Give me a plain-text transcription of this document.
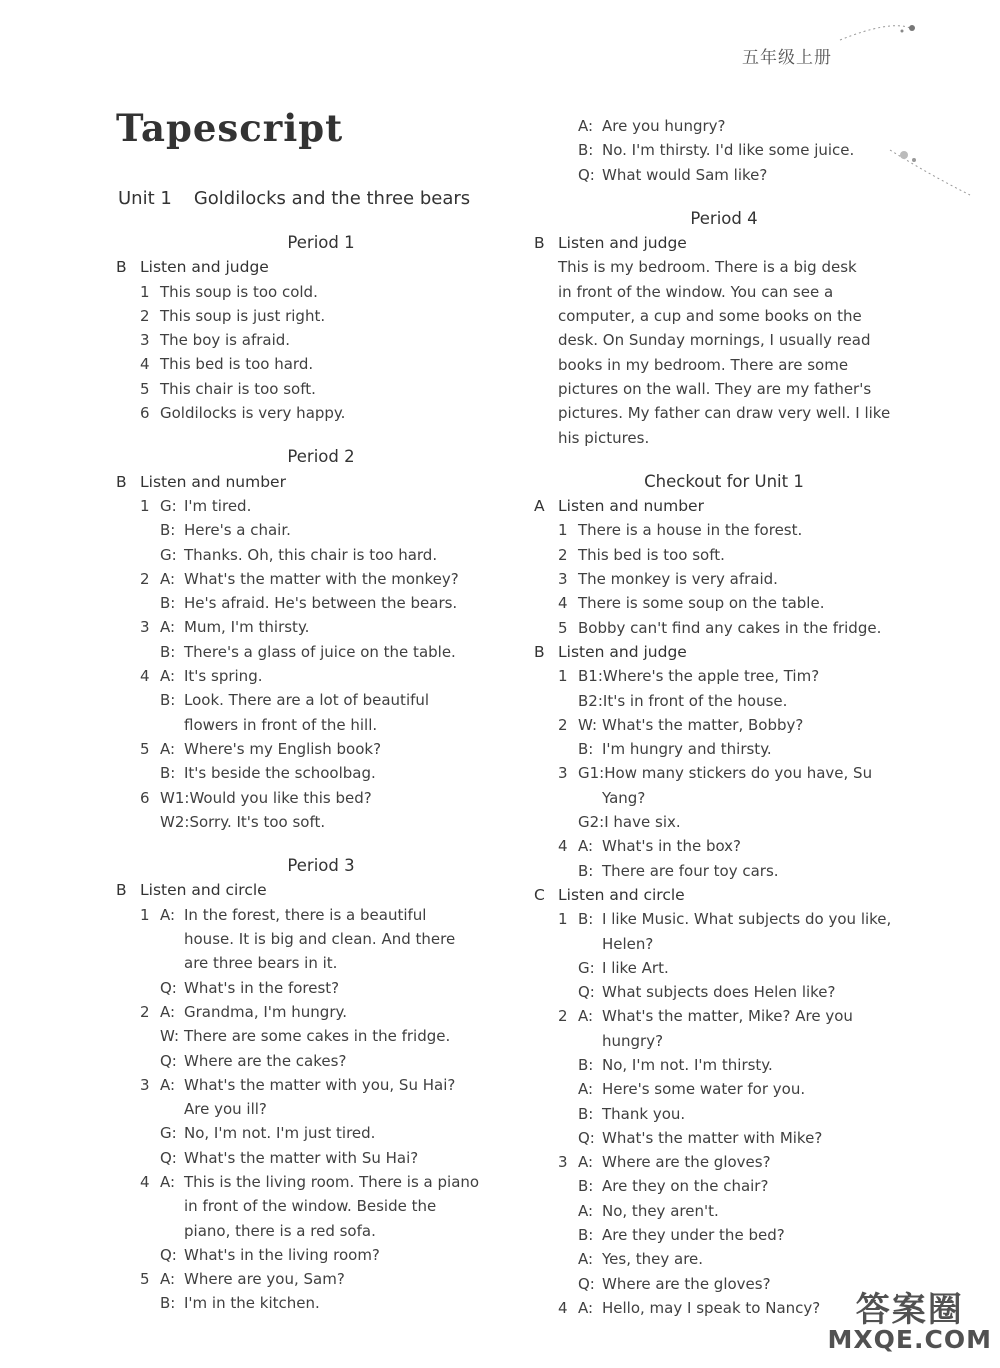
五年级上册
Tapescript
Unit 1 Goldilocks and the three bears
Period 1
B Listen and judge
1 This soup is too cold.
2 This soup is just right.
3 The boy is afraid.
4 This bed is too hard.
5 This chair is too soft.
6 Goldilocks is very happy.
Period 2
B Listen and number
1 G: I'm tired.
B: Here's a chair.
G: Thanks. Oh, this chair is too hard.
2 A: What's the matter with the monkey?
B: He's afraid. He's between the bears.
3 A: Mum, I'm thirsty.
B: There's a glass of juice on the table.
4 A: It's spring.
B: Look. There are a lot of beautiful
flowers in front of the hill.
5 A: Where's my English book?
B: It's beside the schoolbag.
6 W1: Would you like this bed?
W2: Sorry. It's too soft.
Period 3
B Listen and circle
1 A: In the forest, there is a beautiful
house. It is big and clean. And there
are three bears in it.
Q: What's in the forest?
2 A: Grandma, I'm hungry.
W: There are some cakes in the fridge.
Q: Where are the cakes?
3 A: What's the matter with you, Su Hai?
Are you ill?
G: No, I'm not. I'm just tired.
Q: What's the matter with Su Hai?
4 A: This is the living room. There is a piano
in front of the window. Beside the
piano, there is a red sofa.
Q: What's in the living room?
5 A: Where are you, Sam?
B: I'm in the kitchen.
A: Are you hungry?
B: No. I'm thirsty. I'd like some juice.
Q: What would Sam like?
Period 4
B Listen and judge
This is my bedroom. There is a big desk
in front of the window. You can see a
computer, a cup and some books on the
desk. On Sunday mornings, I usually read
books in my bedroom. There are some
pictures on the wall. They are my father's
pictures. My father can draw very well. I like
his pictures.
Checkout for Unit 1
A Listen and number
1 There is a house in the forest.
2 This bed is too soft.
3 The monkey is very afraid.
4 There is some soup on the table.
5 Bobby can't find any cakes in the fridge.
B Listen and judge
1 B1: Where's the apple tree, Tim?
B2: It's in front of the house.
2 W: What's the matter, Bobby?
B: I'm hungry and thirsty.
3 G1: How many stickers do you have, Su
Yang?
G2: I have six.
4 A: What's in the box?
B: There are four toy cars.
C Listen and circle
1 B: I like Music. What subjects do you like,
Helen?
G: I like Art.
Q: What subjects does Helen like?
2 A: What's the matter, Mike? Are you
hungry?
B: No, I'm not. I'm thirsty.
A: Here's some water for you.
B: Thank you.
Q: What's the matter with Mike?
3 A: Where are the gloves?
B: Are they on the chair?
A: No, they aren't.
B: Are they under the bed?
A: Yes, they are.
Q: Where are the gloves?
4 A: Hello, may I speak to Nancy?	答案圈
MXQE.COM
